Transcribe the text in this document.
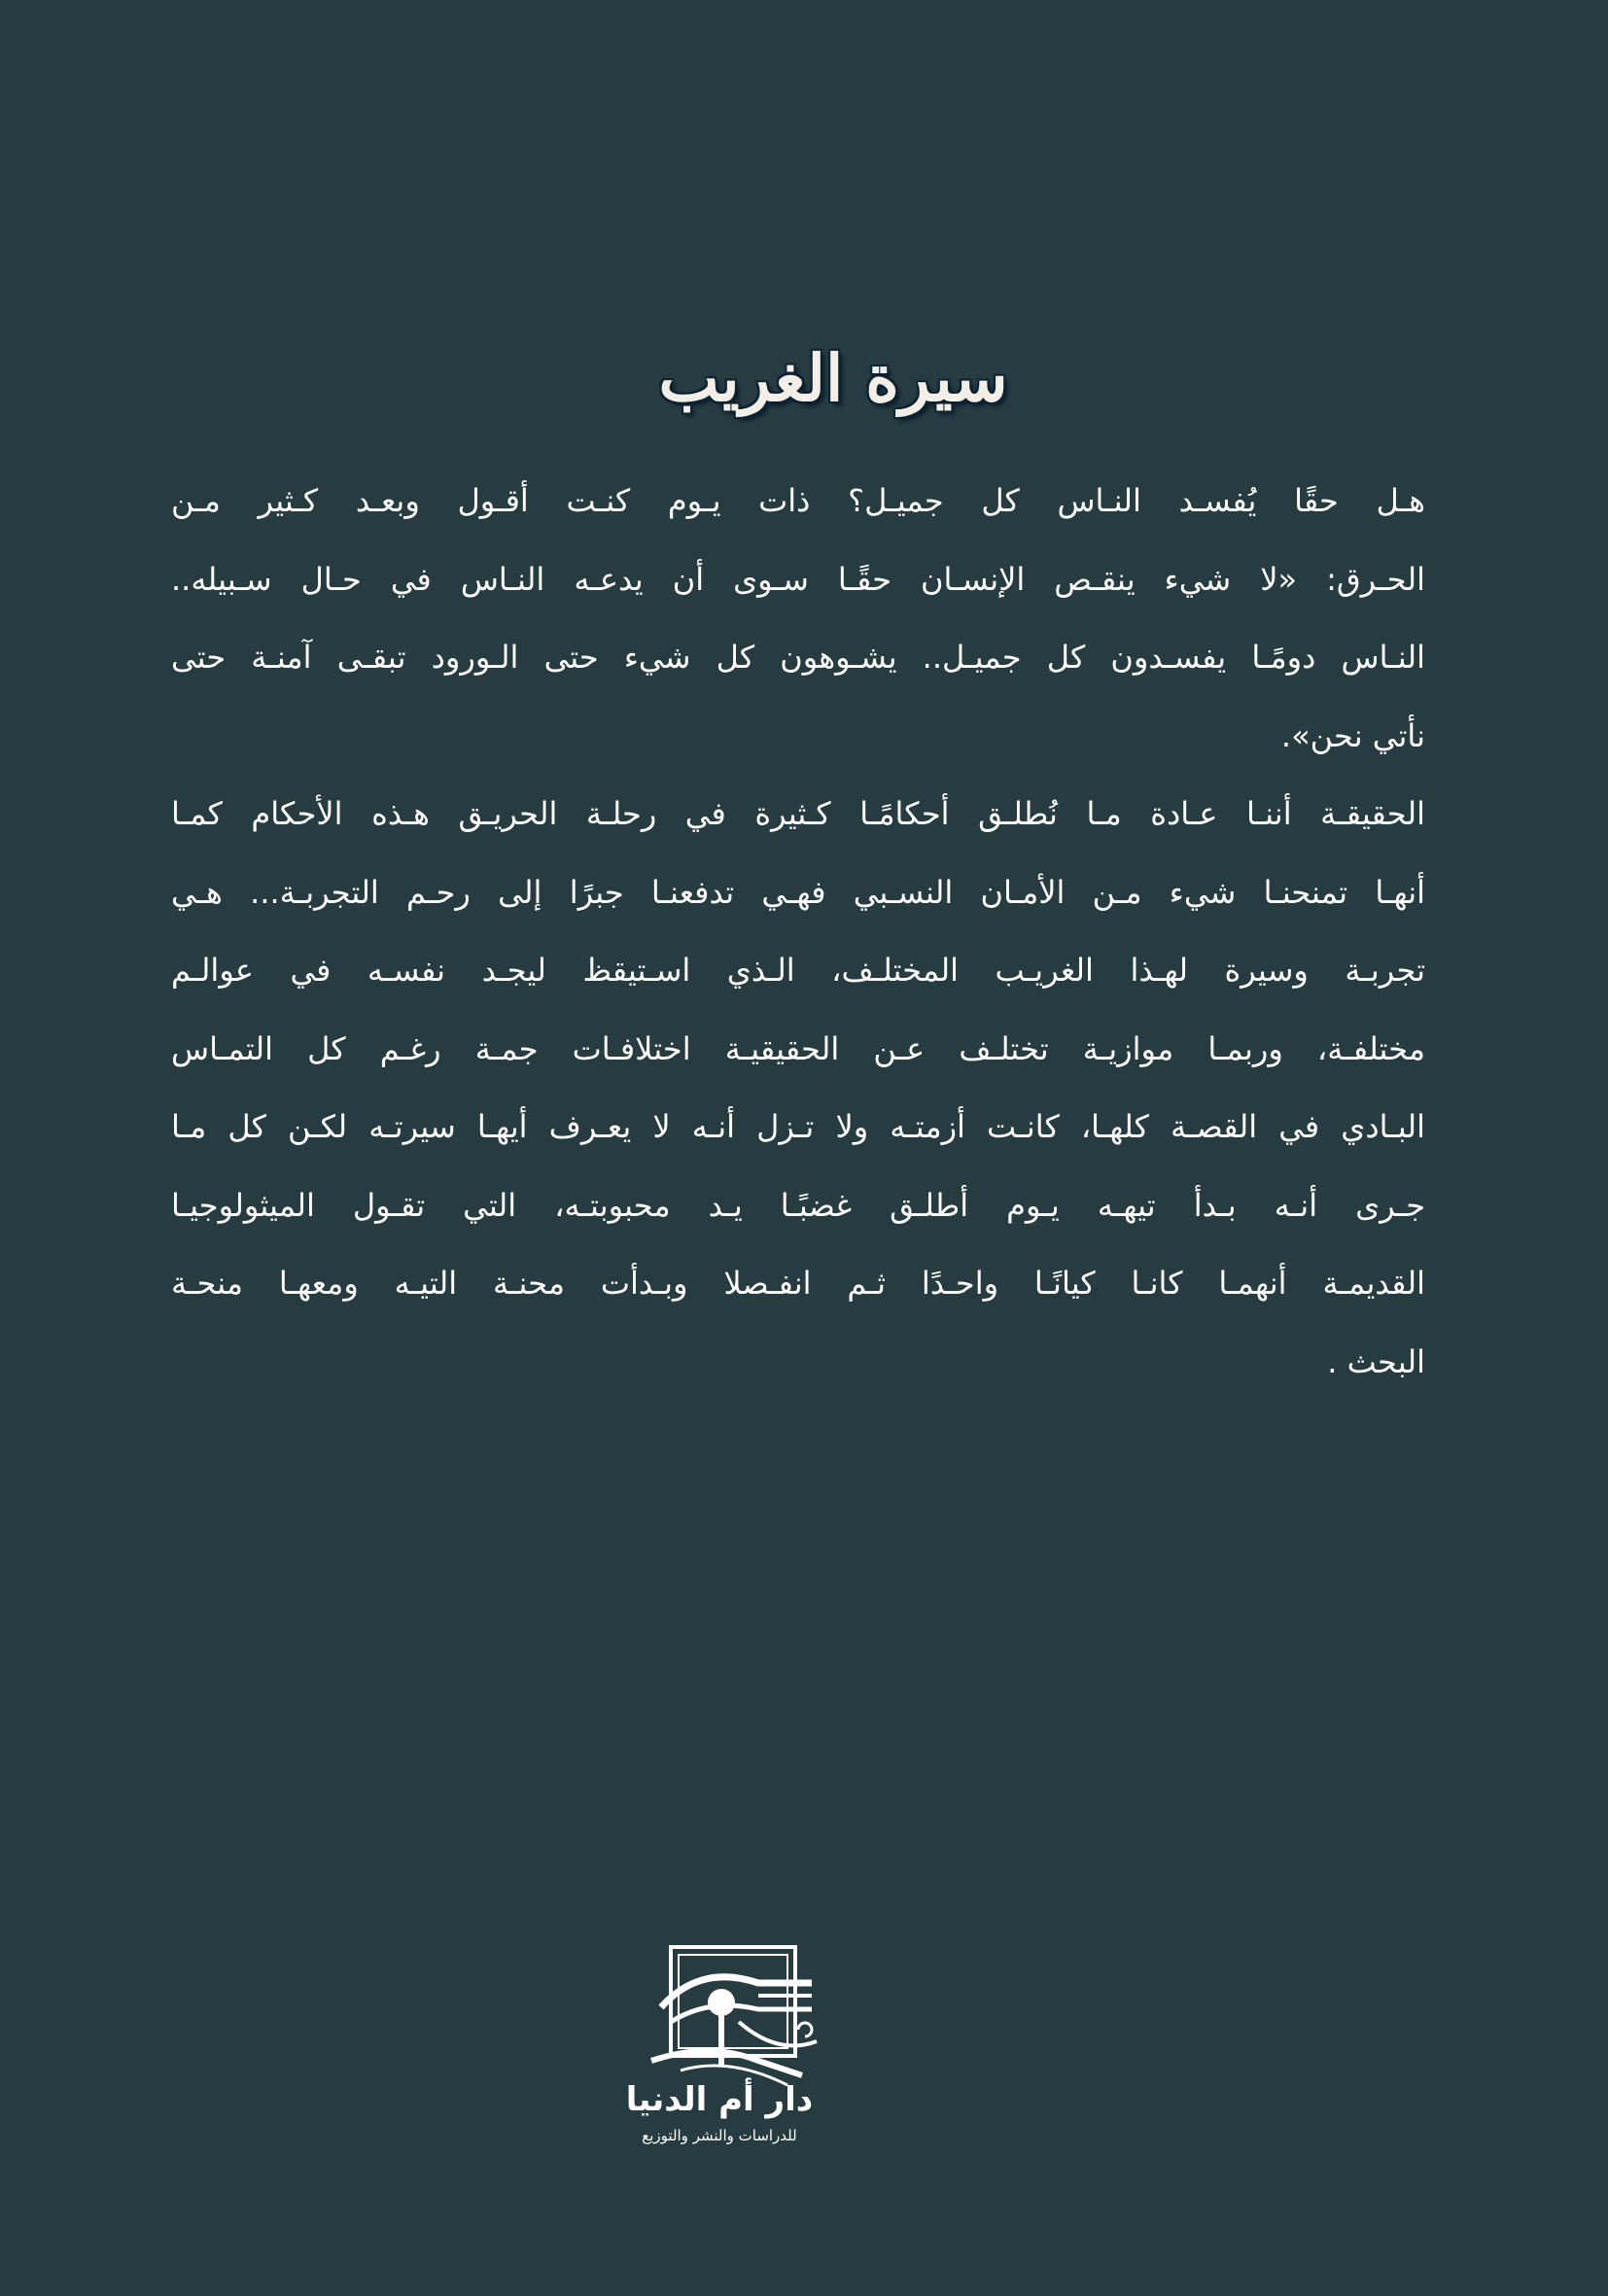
سيرة الغريب
هـل حقًا يُفسـد النـاس كل جميـل؟ ذات يـوم كنـت أقـول وبعـد كـثير مـن
الحـرق: «لا شيء ينقـص الإنسـان حقًـا سـوى أن يدعـه النـاس في حـال سـبيله..
النـاس دومًـا يفسـدون كل جميـل.. يشـوهون كل شيء حتى الـورود تبقـى آمنـة حتى
نأتي نحن».
الحقيقـة أننـا عـادة مـا نُطلـق أحكامًـا كـثيرة في رحلـة الحريـق هـذه الأحكام كمـا
أنهـا تمنحنـا شيء مـن الأمـان النسـبي فهـي تدفعنـا جبرًا إلى رحـم التجربـة... هـي
تجربـة وسيرة لهـذا الغريـب المختلـف، الـذي اسـتيقظ ليجـد نفسـه في عوالـم
مختلفـة، وربمـا موازيـة تختلـف عـن الحقيقيـة اختلافـات جمـة رغـم كل التمـاس
البـادي في القصـة كلهـا، كانـت أزمتـه ولا تـزل أنـه لا يعـرف أيهـا سيرتـه لكـن كل مـا
جـرى أنـه بـدأ تيهـه يـوم أطلـق غضبًـا يـد محبوبتـه، التي تقـول الميثولوجيـا
القديمـة أنهمـا كانـا كيانًـا واحـدًا ثـم انفـصلا وبـدأت محنـة التيـه ومعهـا منحـة
البحث .
دار أم الدنيا
للدراسات والنشر والتوزيع
